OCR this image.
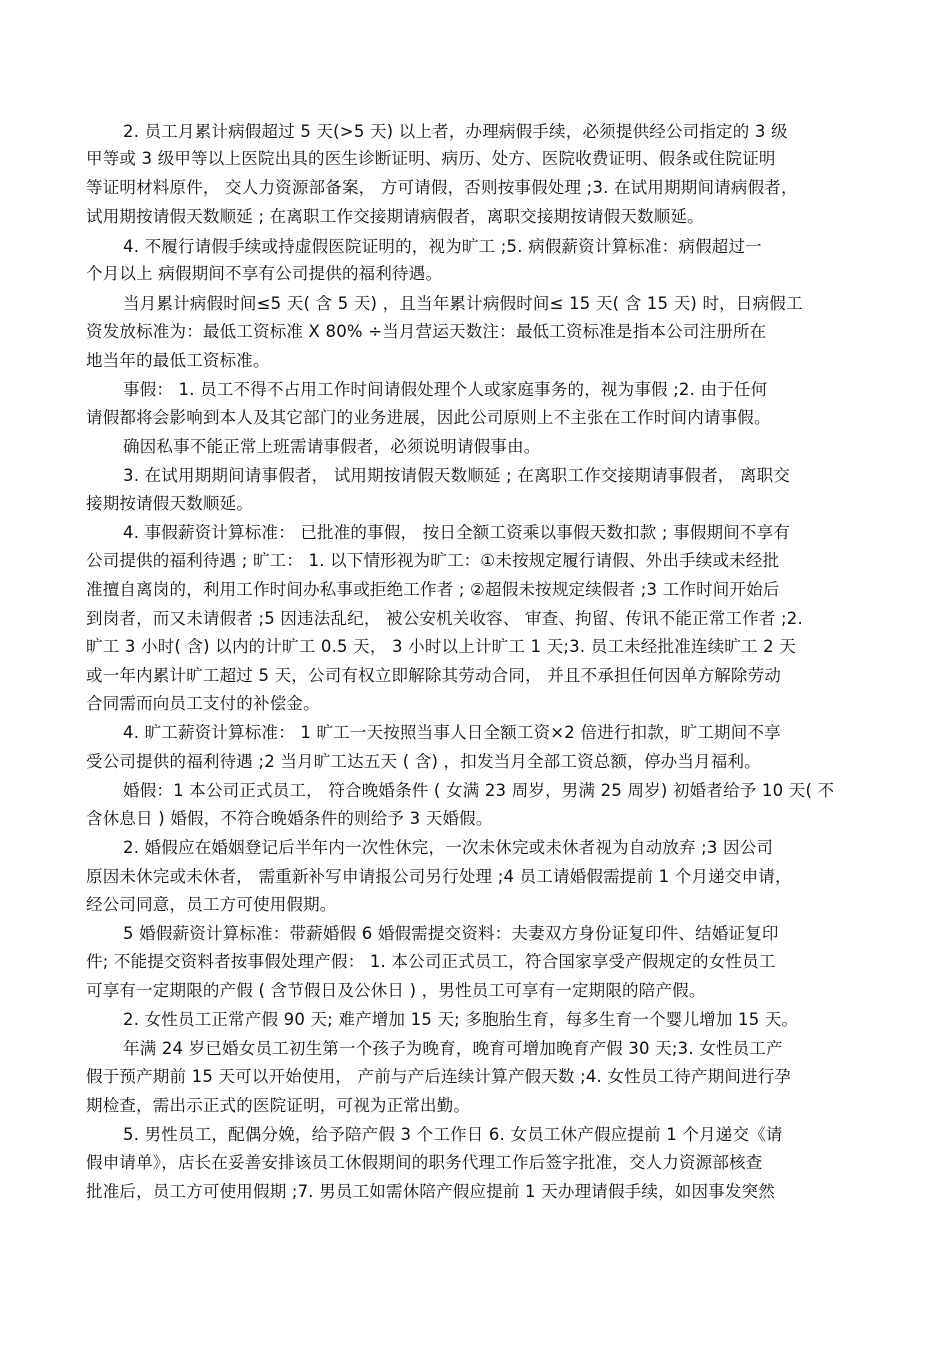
2. 员工月累计病假超过 5 天(>5 天) 以上者，办理病假手续，必须提供经公司指定的 3 级
甲等或 3 级甲等以上医院出具的医生诊断证明、病历、处方、医院收费证明、假条或住院证明
等证明材料原件， 交人力资源部备案， 方可请假，否则按事假处理 ;3. 在试用期期间请病假者，
试用期按请假天数顺延 ; 在离职工作交接期请病假者，离职交接期按请假天数顺延。
4. 不履行请假手续或持虚假医院证明的，视为旷工 ;5. 病假薪资计算标准：病假超过一
个月以上 病假期间不享有公司提供的福利待遇。
当月累计病假时间≤5 天( 含 5 天) ，且当年累计病假时间≤ 15 天( 含 15 天) 时，日病假工
资发放标准为：最低工资标准 X 80% ÷当月营运天数注：最低工资标准是指本公司注册所在
地当年的最低工资标准。
事假： 1. 员工不得不占用工作时间请假处理个人或家庭事务的，视为事假 ;2. 由于任何
请假都将会影响到本人及其它部门的业务进展，因此公司原则上不主张在工作时间内请事假。
确因私事不能正常上班需请事假者，必须说明请假事由。
3. 在试用期期间请事假者， 试用期按请假天数顺延 ; 在离职工作交接期请事假者， 离职交
接期按请假天数顺延。
4. 事假薪资计算标准： 已批准的事假， 按日全额工资乘以事假天数扣款 ; 事假期间不享有
公司提供的福利待遇 ; 旷工： 1. 以下情形视为旷工：①未按规定履行请假、外出手续或未经批
准擅自离岗的，利用工作时间办私事或拒绝工作者 ; ②超假未按规定续假者 ;3 工作时间开始后
到岗者，而又未请假者 ;5 因违法乱纪， 被公安机关收容、 审查、拘留、传讯不能正常工作者 ;2.
旷工 3 小时( 含) 以内的计旷工 0.5 天， 3 小时以上计旷工 1 天;3. 员工未经批准连续旷工 2 天
或一年内累计旷工超过 5 天，公司有权立即解除其劳动合同， 并且不承担任何因单方解除劳动
合同需而向员工支付的补偿金。
4. 旷工薪资计算标准： 1 旷工一天按照当事人日全额工资×2 倍进行扣款，旷工期间不享
受公司提供的福利待遇 ;2 当月旷工达五天 ( 含) ，扣发当月全部工资总额，停办当月福利。
婚假：1 本公司正式员工， 符合晚婚条件 ( 女满 23 周岁，男满 25 周岁) 初婚者给予 10 天( 不
含休息日 ) 婚假，不符合晚婚条件的则给予 3 天婚假。
2. 婚假应在婚姻登记后半年内一次性休完，一次未休完或未休者视为自动放弃 ;3 因公司
原因未休完或未休者， 需重新补写申请报公司另行处理 ;4 员工请婚假需提前 1 个月递交申请，
经公司同意，员工方可使用假期。
5 婚假薪资计算标准：带薪婚假 6 婚假需提交资料：夫妻双方身份证复印件、结婚证复印
件; 不能提交资料者按事假处理产假： 1. 本公司正式员工，符合国家享受产假规定的女性员工
可享有一定期限的产假 ( 含节假日及公休日 ) ，男性员工可享有一定期限的陪产假。
2. 女性员工正常产假 90 天; 难产增加 15 天; 多胞胎生育，每多生育一个婴儿增加 15 天。
年满 24 岁已婚女员工初生第一个孩子为晚育，晚育可增加晚育产假 30 天;3. 女性员工产
假于预产期前 15 天可以开始使用， 产前与产后连续计算产假天数 ;4. 女性员工待产期间进行孕
期检查，需出示正式的医院证明，可视为正常出勤。
5. 男性员工，配偶分娩，给予陪产假 3 个工作日 6. 女员工休产假应提前 1 个月递交《请
假申请单》，店长在妥善安排该员工休假期间的职务代理工作后签字批准，交人力资源部核查
批准后，员工方可使用假期 ;7. 男员工如需休陪产假应提前 1 天办理请假手续，如因事发突然
